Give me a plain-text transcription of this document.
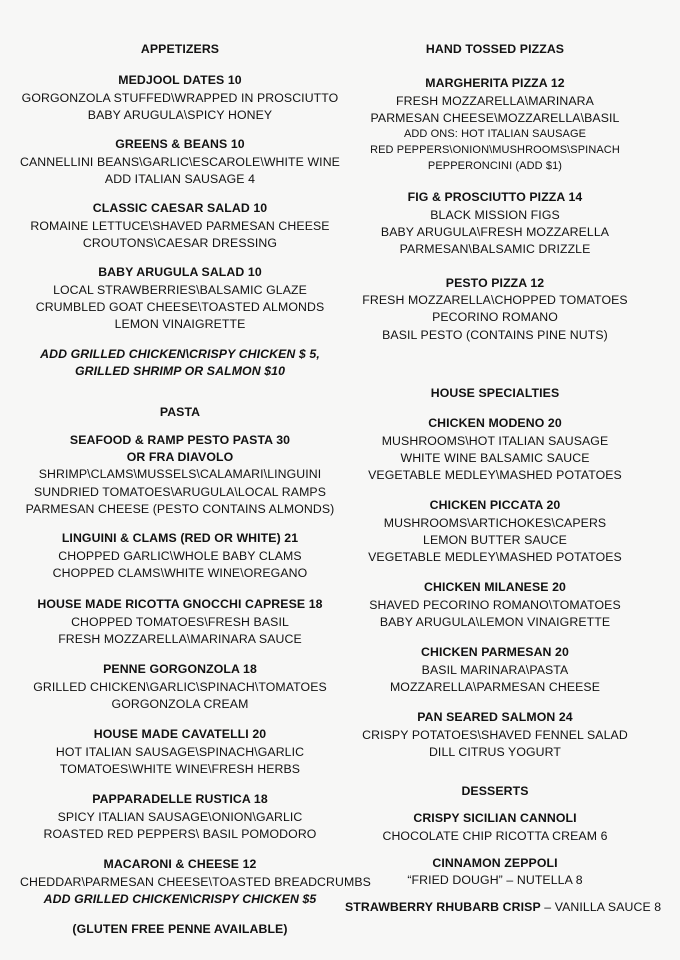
APPETIZERS
MEDJOOL DATES 10
GORGONZOLA STUFFED\WRAPPED IN PROSCIUTTO
BABY ARUGULA\SPICY HONEY
GREENS & BEANS 10
CANNELLINI BEANS\GARLIC\ESCAROLE\WHITE WINE
ADD ITALIAN SAUSAGE 4
CLASSIC CAESAR SALAD 10
ROMAINE LETTUCE\SHAVED PARMESAN CHEESE
CROUTONS\CAESAR DRESSING
BABY ARUGULA SALAD 10
LOCAL STRAWBERRIES\BALSAMIC GLAZE
CRUMBLED GOAT CHEESE\TOASTED ALMONDS
LEMON VINAIGRETTE
ADD GRILLED CHICKEN\CRISPY CHICKEN $ 5,
GRILLED SHRIMP OR SALMON $10
PASTA
SEAFOOD & RAMP PESTO PASTA 30
OR FRA DIAVOLO
SHRIMP\CLAMS\MUSSELS\CALAMARI\LINGUINI
SUNDRIED TOMATOES\ARUGULA\LOCAL RAMPS
PARMESAN CHEESE (PESTO CONTAINS ALMONDS)
LINGUINI & CLAMS (RED OR WHITE) 21
CHOPPED GARLIC\WHOLE BABY CLAMS
CHOPPED CLAMS\WHITE WINE\OREGANO
HOUSE MADE RICOTTA GNOCCHI CAPRESE 18
CHOPPED TOMATOES\FRESH BASIL
FRESH MOZZARELLA\MARINARA SAUCE
PENNE GORGONZOLA 18
GRILLED CHICKEN\GARLIC\SPINACH\TOMATOES
GORGONZOLA CREAM
HOUSE MADE CAVATELLI 20
HOT ITALIAN SAUSAGE\SPINACH\GARLIC
TOMATOES\WHITE WINE\FRESH HERBS
PAPPARADELLE RUSTICA 18
SPICY ITALIAN SAUSAGE\ONION\GARLIC
ROASTED RED PEPPERS\ BASIL POMODORO
MACARONI & CHEESE 12
CHEDDAR\PARMESAN CHEESE\TOASTED BREADCRUMBS
ADD GRILLED CHICKEN\CRISPY CHICKEN $5
(GLUTEN FREE PENNE AVAILABLE)
HAND TOSSED PIZZAS
MARGHERITA PIZZA 12
FRESH MOZZARELLA\MARINARA
PARMESAN CHEESE\MOZZARELLA\BASIL
ADD ONS: HOT ITALIAN SAUSAGE
RED PEPPERS\ONION\MUSHROOMS\SPINACH
PEPPERONCINI (ADD $1)
FIG & PROSCIUTTO PIZZA 14
BLACK MISSION FIGS
BABY ARUGULA\FRESH MOZZARELLA
PARMESAN\BALSAMIC DRIZZLE
PESTO PIZZA 12
FRESH MOZZARELLA\CHOPPED TOMATOES
PECORINO ROMANO
BASIL PESTO (CONTAINS PINE NUTS)
HOUSE SPECIALTIES
CHICKEN MODENO 20
MUSHROOMS\HOT ITALIAN SAUSAGE
WHITE WINE BALSAMIC SAUCE
VEGETABLE MEDLEY\MASHED POTATOES
CHICKEN PICCATA 20
MUSHROOMS\ARTICHOKES\CAPERS
LEMON BUTTER SAUCE
VEGETABLE MEDLEY\MASHED POTATOES
CHICKEN MILANESE 20
SHAVED PECORINO ROMANO\TOMATOES
BABY ARUGULA\LEMON VINAIGRETTE
CHICKEN PARMESAN 20
BASIL MARINARA\PASTA
MOZZARELLA\PARMESAN CHEESE
PAN SEARED SALMON 24
CRISPY POTATOES\SHAVED FENNEL SALAD
DILL CITRUS YOGURT
DESSERTS
CRISPY SICILIAN CANNOLI
CHOCOLATE CHIP RICOTTA CREAM 6
CINNAMON ZEPPOLI
“FRIED DOUGH” – NUTELLA 8
STRAWBERRY RHUBARB CRISP – VANILLA SAUCE 8
